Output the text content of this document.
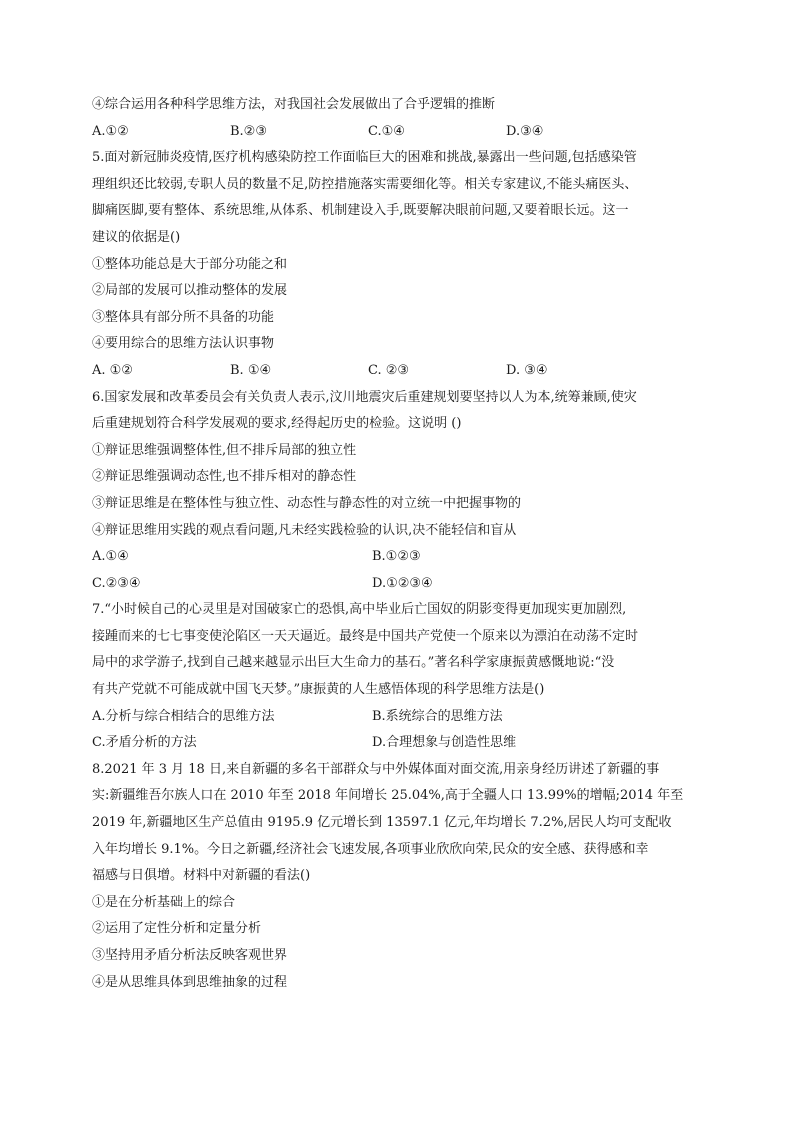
④综合运用各种科学思维方法，对我国社会发展做出了合乎逻辑的推断
A.①②	B.②③	C.①④	D.③④
5.面对新冠肺炎疫情,医疗机构感染防控工作面临巨大的困难和挑战,暴露出一些问题,包括感染管
理组织还比较弱,专职人员的数量不足,防控措施落实需要细化等。相关专家建议,不能头痛医头、
脚痛医脚,要有整体、系统思维,从体系、机制建设入手,既要解决眼前问题,又要着眼长远。这一
建议的依据是()
①整体功能总是大于部分功能之和
②局部的发展可以推动整体的发展
③整体具有部分所不具备的功能
④要用综合的思维方法认识事物
A. ①②	B. ①④	C. ②③	D. ③④
6.国家发展和改革委员会有关负责人表示,汶川地震灾后重建规划要坚持以人为本,统筹兼顾,使灾
后重建规划符合科学发展观的要求,经得起历史的检验。这说明 ()
①辩证思维强调整体性,但不排斥局部的独立性
②辩证思维强调动态性,也不排斥相对的静态性
③辩证思维是在整体性与独立性、动态性与静态性的对立统一中把握事物的
④辩证思维用实践的观点看问题,凡未经实践检验的认识,决不能轻信和盲从
A.①④	B.①②③
C.②③④	D.①②③④
7.“小时候自己的心灵里是对国破家亡的恐惧,高中毕业后亡国奴的阴影变得更加现实更加剧烈,
接踵而来的七七事变使沦陷区一天天逼近。最终是中国共产党使一个原来以为漂泊在动荡不定时
局中的求学游子,找到自己越来越显示出巨大生命力的基石。”著名科学家康振黄感慨地说:“没
有共产党就不可能成就中国飞天梦。”康振黄的人生感悟体现的科学思维方法是()
A.分析与综合相结合的思维方法	B.系统综合的思维方法
C.矛盾分析的方法	D.合理想象与创造性思维
8.2021 年 3 月 18 日,来自新疆的多名干部群众与中外媒体面对面交流,用亲身经历讲述了新疆的事
实:新疆维吾尔族人口在 2010 年至 2018 年间增长 25.04%,高于全疆人口 13.99%的增幅;2014 年至
2019 年,新疆地区生产总值由 9195.9 亿元增长到 13597.1 亿元,年均增长 7.2%,居民人均可支配收
入年均增长 9.1%。今日之新疆,经济社会飞速发展,各项事业欣欣向荣,民众的安全感、获得感和幸
福感与日俱增。材料中对新疆的看法()
①是在分析基础上的综合
②运用了定性分析和定量分析
③坚持用矛盾分析法反映客观世界
④是从思维具体到思维抽象的过程
